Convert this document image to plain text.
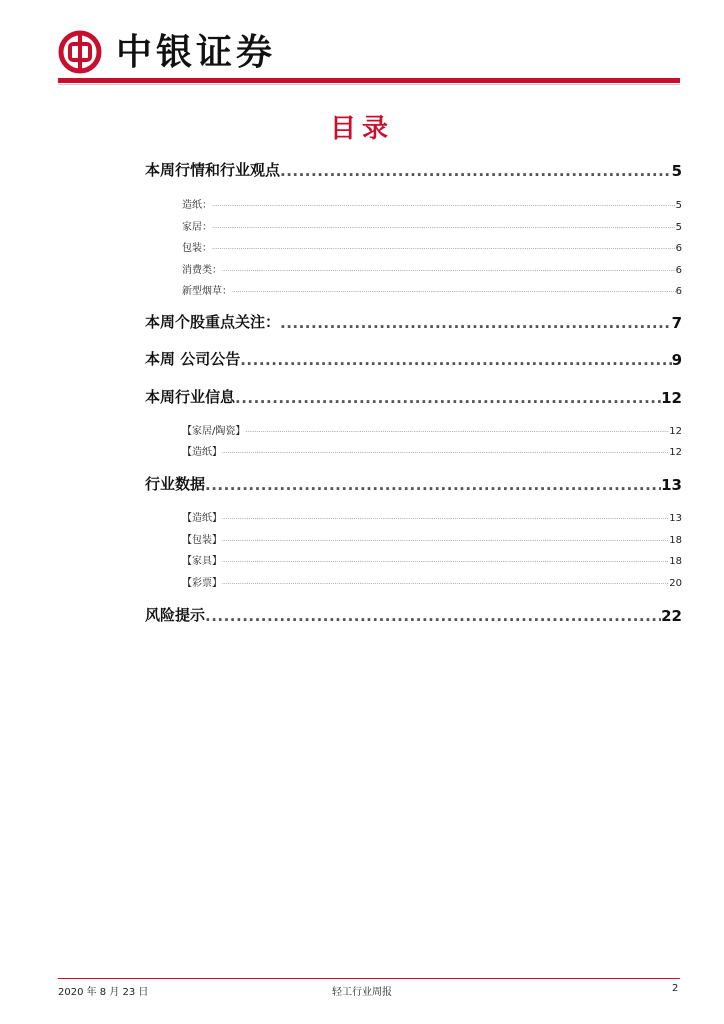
中银证券
目录
本周行情和行业观点 .....	5
造纸： .....	5
家居： .....	5
包装： .....	6
消费类： .....	6
新型烟草： .....	6
本周个股重点关注： .....	7
本周 公司公告 .....	9
本周行业信息 .....	12
【家居/陶瓷】 .....	12
【造纸】 .....	12
行业数据 .....	13
【造纸】 .....	13
【包装】 .....	18
【家具】 .....	18
【彩票】 .....	20
风险提示 .....	22
2020 年 8 月 23 日	轻工行业周报	2
